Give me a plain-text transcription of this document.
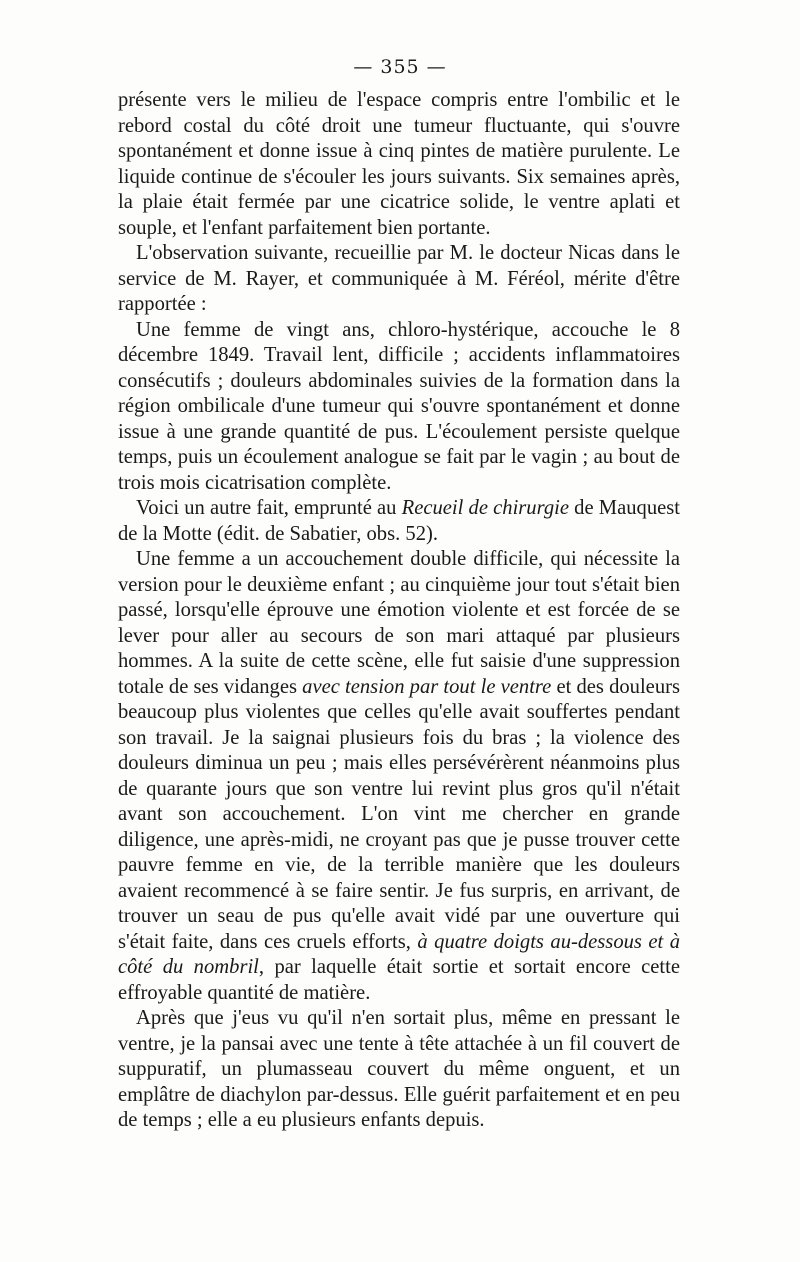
— 355 —

présente vers le milieu de l'espace compris entre l'ombilic et le rebord costal du côté droit une tumeur fluctuante, qui s'ouvre spontanément et donne issue à cinq pintes de matière purulente. Le liquide continue de s'écouler les jours suivants. Six semaines après, la plaie était fermée par une cicatrice solide, le ventre aplati et souple, et l'enfant parfaitement bien portante.

L'observation suivante, recueillie par M. le docteur Nicas dans le service de M. Rayer, et communiquée à M. Féréol, mérite d'être rapportée :

Une femme de vingt ans, chloro-hystérique, accouche le 8 décembre 1849. Travail lent, difficile ; accidents inflammatoires consécutifs ; douleurs abdominales suivies de la formation dans la région ombilicale d'une tumeur qui s'ouvre spontanément et donne issue à une grande quantité de pus. L'écoulement persiste quelque temps, puis un écoulement analogue se fait par le vagin ; au bout de trois mois cicatrisation complète.

Voici un autre fait, emprunté au Recueil de chirurgie de Mauquest de la Motte (édit. de Sabatier, obs. 52).

Une femme a un accouchement double difficile, qui nécessite la version pour le deuxième enfant ; au cinquième jour tout s'était bien passé, lorsqu'elle éprouve une émotion violente et est forcée de se lever pour aller au secours de son mari attaqué par plusieurs hommes. A la suite de cette scène, elle fut saisie d'une suppression totale de ses vidanges avec tension par tout le ventre et des douleurs beaucoup plus violentes que celles qu'elle avait souffertes pendant son travail. Je la saignai plusieurs fois du bras ; la violence des douleurs diminua un peu ; mais elles persévérèrent néanmoins plus de quarante jours que son ventre lui revint plus gros qu'il n'était avant son accouchement. L'on vint me chercher en grande diligence, une après-midi, ne croyant pas que je pusse trouver cette pauvre femme en vie, de la terrible manière que les douleurs avaient recommencé à se faire sentir. Je fus surpris, en arrivant, de trouver un seau de pus qu'elle avait vidé par une ouverture qui s'était faite, dans ces cruels efforts, à quatre doigts au-dessous et à côté du nombril, par laquelle était sortie et sortait encore cette effroyable quantité de matière.

Après que j'eus vu qu'il n'en sortait plus, même en pressant le ventre, je la pansai avec une tente à tête attachée à un fil couvert de suppuratif, un plumasseau couvert du même onguent, et un emplâtre de diachylon par-dessus. Elle guérit parfaitement et en peu de temps ; elle a eu plusieurs enfants depuis.
